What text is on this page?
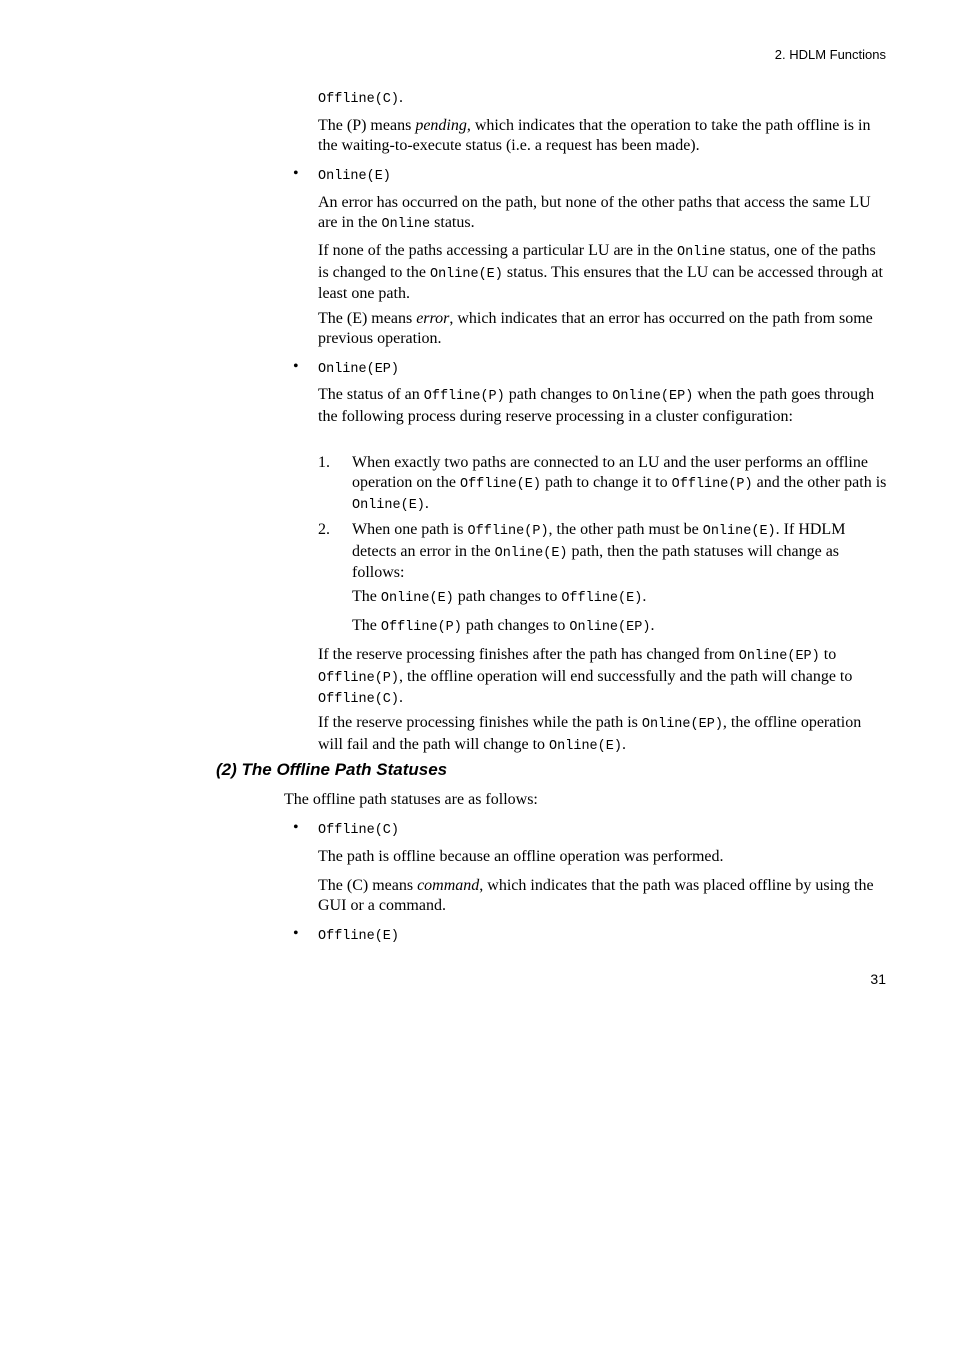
2. HDLM Functions
Offline(C).
The (P) means pending, which indicates that the operation to take the path offline is in the waiting-to-execute status (i.e. a request has been made).
• Online(E)
An error has occurred on the path, but none of the other paths that access the same LU are in the Online status.
If none of the paths accessing a particular LU are in the Online status, one of the paths is changed to the Online(E) status. This ensures that the LU can be accessed through at least one path.
The (E) means error, which indicates that an error has occurred on the path from some previous operation.
• Online(EP)
The status of an Offline(P) path changes to Online(EP) when the path goes through the following process during reserve processing in a cluster configuration:
1. When exactly two paths are connected to an LU and the user performs an offline operation on the Offline(E) path to change it to Offline(P) and the other path is Online(E).
2. When one path is Offline(P), the other path must be Online(E). If HDLM detects an error in the Online(E) path, then the path statuses will change as follows:
The Online(E) path changes to Offline(E).
The Offline(P) path changes to Online(EP).
If the reserve processing finishes after the path has changed from Online(EP) to Offline(P), the offline operation will end successfully and the path will change to Offline(C).
If the reserve processing finishes while the path is Online(EP), the offline operation will fail and the path will change to Online(E).
(2) The Offline Path Statuses
The offline path statuses are as follows:
• Offline(C)
The path is offline because an offline operation was performed.
The (C) means command, which indicates that the path was placed offline by using the GUI or a command.
• Offline(E)
31
